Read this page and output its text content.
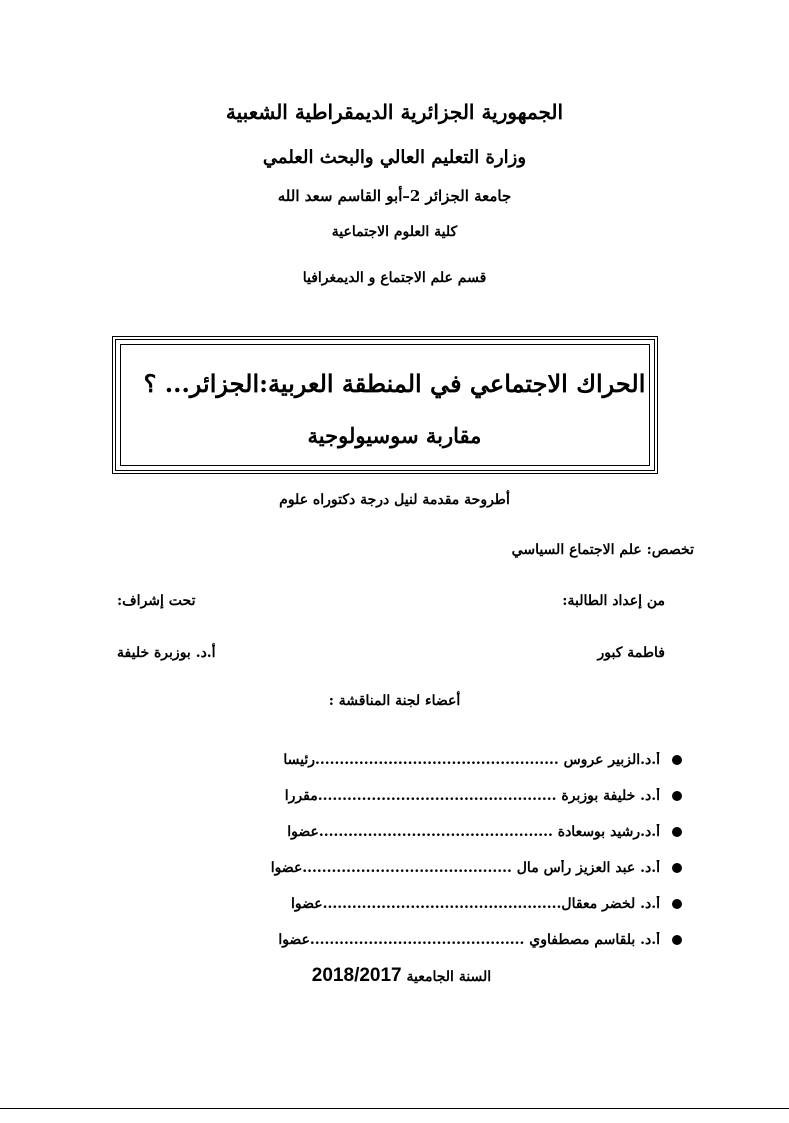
الجمهورية الجزائرية الديمقراطية الشعبية
وزارة التعليم العالي والبحث العلمي
جامعة الجزائر 2–أبو القاسم سعد الله
كلية العلوم الاجتماعية
قسم علم الاجتماع و الديمغرافيا
الحراك الاجتماعي في المنطقة العربية:الجزائر... ؟
مقاربة سوسيولوجية
أطروحة مقدمة لنيل درجة دكتوراه علوم
تخصص: علم الاجتماع السياسي
من إعداد الطالبة:
تحت إشراف:
فاطمة كبور
أ.د. بوزبرة خليفة
أعضاء لجنة المناقشة :
أ.د.الزبير عروس ..................................................رئيسا
أ.د. خليفة بوزبرة .................................................مقررا
أ.د.رشيد بوسعادة ................................................عضوا
أ.د. عبد العزيز رأس مال ...........................................عضوا
أ.د. لخضر معقال.................................................عضوا
أ.د. بلقاسم مصطفاوي ............................................عضوا
السنة الجامعية 2018/2017
